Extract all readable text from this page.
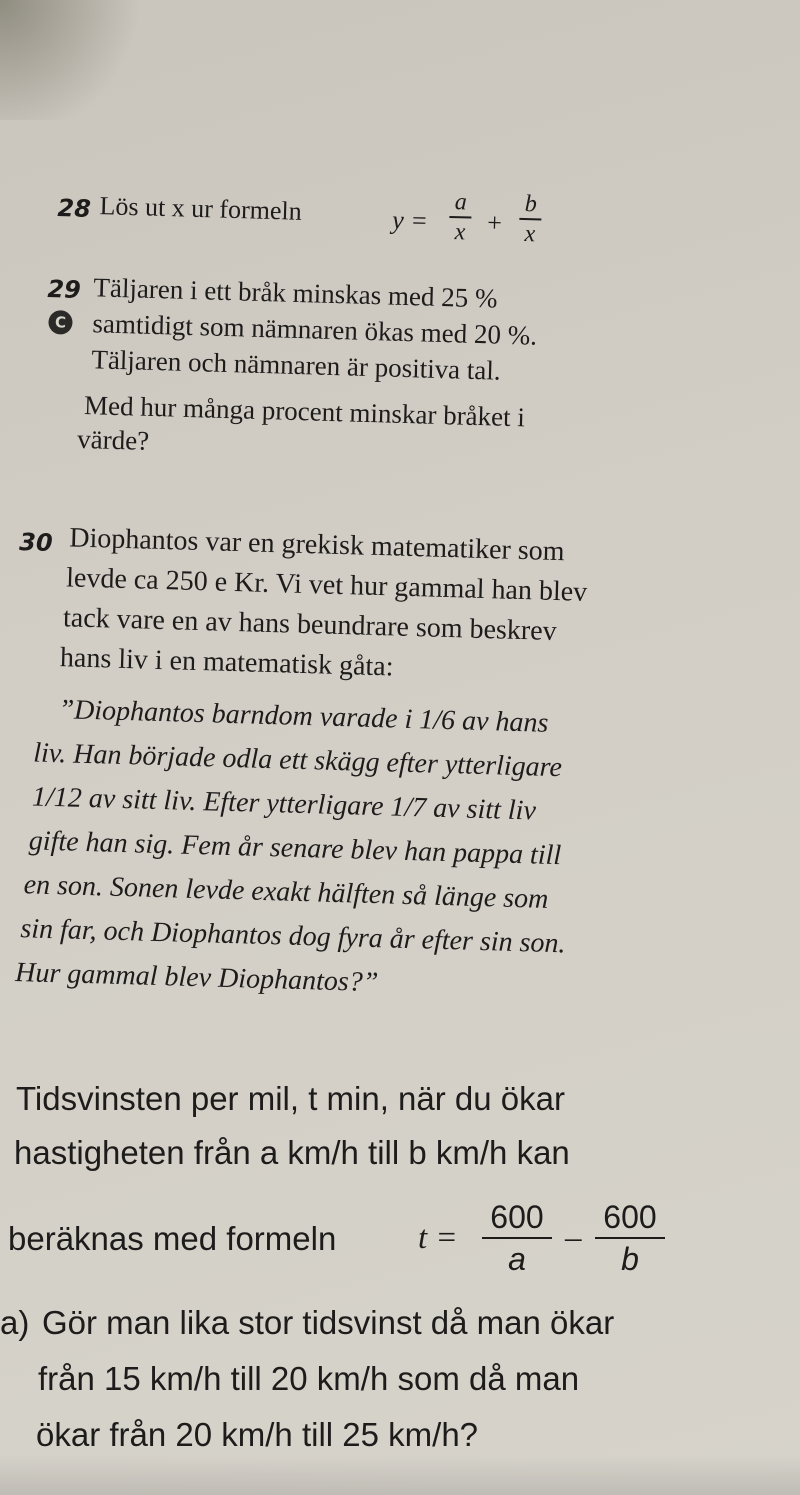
28 Lös ut x ur formeln	y =
a
x +
b
x
29
C
Täljaren i ett bråk minskas med 25 %
samtidigt som nämnaren ökas med 20 %.
Täljaren och nämnaren är positiva tal.
Med hur många procent minskar bråket i
värde?
30 Diophantos var en grekisk matematiker som
levde ca 250 e Kr. Vi vet hur gammal han blev
tack vare en av hans beundrare som beskrev
hans liv i en matematisk gåta:
”Diophantos barndom varade i 1/6 av hans
liv. Han började odla ett skägg efter ytterligare
1/12 av sitt liv. Efter ytterligare 1/7 av sitt liv
gifte han sig. Fem år senare blev han pappa till
en son. Sonen levde exakt hälften så länge som
sin far, och Diophantos dog fyra år efter sin son.
Hur gammal blev Diophantos?”
Tidsvinsten per mil, t min, när du ökar
hastigheten från a km/h till b km/h kan
beräknas med formeln t =
600
a
–
600
b
a) Gör man lika stor tidsvinst då man ökar
från 15 km/h till 20 km/h som då man
ökar från 20 km/h till 25 km/h?
